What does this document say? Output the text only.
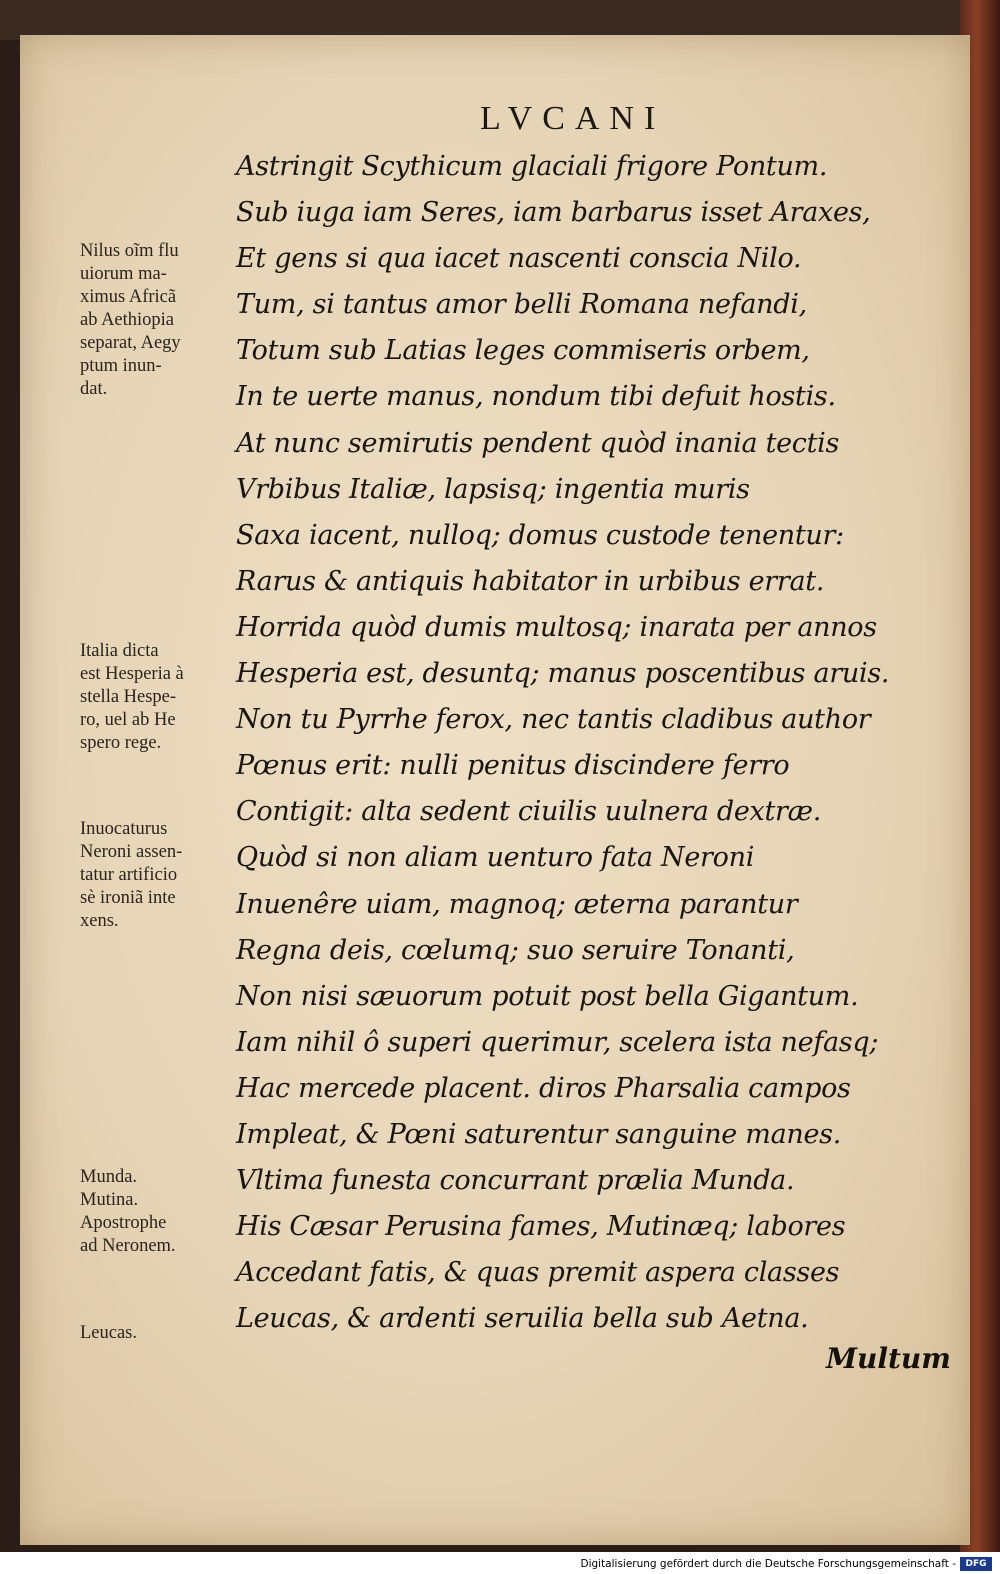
LVCANI
Astringit Scythicum glaciali frigore Pontum.
Sub iuga iam Seres, iam barbarus isset Araxes,
Et gens si qua iacet nascenti conscia Nilo.
Tum, si tantus amor belli Romana nefandi,
Totum sub Latias leges commiseris orbem,
In te uerte manus, nondum tibi defuit hostis.
At nunc semirutis pendent quòd inania tectis
Vrbibus Italiæ, lapsisq; ingentia muris
Saxa iacent, nulloq; domus custode tenentur:
Rarus & antiquis habitator in urbibus errat.
Horrida quòd dumis multosq; inarata per annos
Hesperia est, desuntq; manus poscentibus aruis.
Non tu Pyrrhe ferox, nec tantis cladibus author
Pœnus erit: nulli penitus discindere ferro
Contigit: alta sedent ciuilis uulnera dextræ.
Quòd si non aliam uenturo fata Neroni
Inuenêre uiam, magnoq; æterna parantur
Regna deis, cœlumq; suo seruire Tonanti,
Non nisi sæuorum potuit post bella Gigantum.
Iam nihil ô superi querimur, scelera ista nefasq;
Hac mercede placent. diros Pharsalia campos
Impleat, & Pœni saturentur sanguine manes.
Vltima funesta concurrant prælia Munda.
His Cæsar Perusina fames, Mutinæq; labores
Accedant fatis, & quas premit aspera classes
Leucas, & ardenti seruilia bella sub Aetna.
Nilus oĩm flu
uiorum ma-
ximus Africã
ab Aethiopia
separat, Aegy
ptum inun-
dat.
Italia dicta
est Hesperia à
stella Hespe-
ro, uel ab He
spero rege.
Inuocaturus
Neroni assen-
tatur artificio
sè ironiã inte
xens.
Munda.
Mutina.
Apostrophe
ad Neronem.
Leucas.
Multum
Digitalisierung gefördert durch die Deutsche Forschungsgemeinschaft -	DFG
